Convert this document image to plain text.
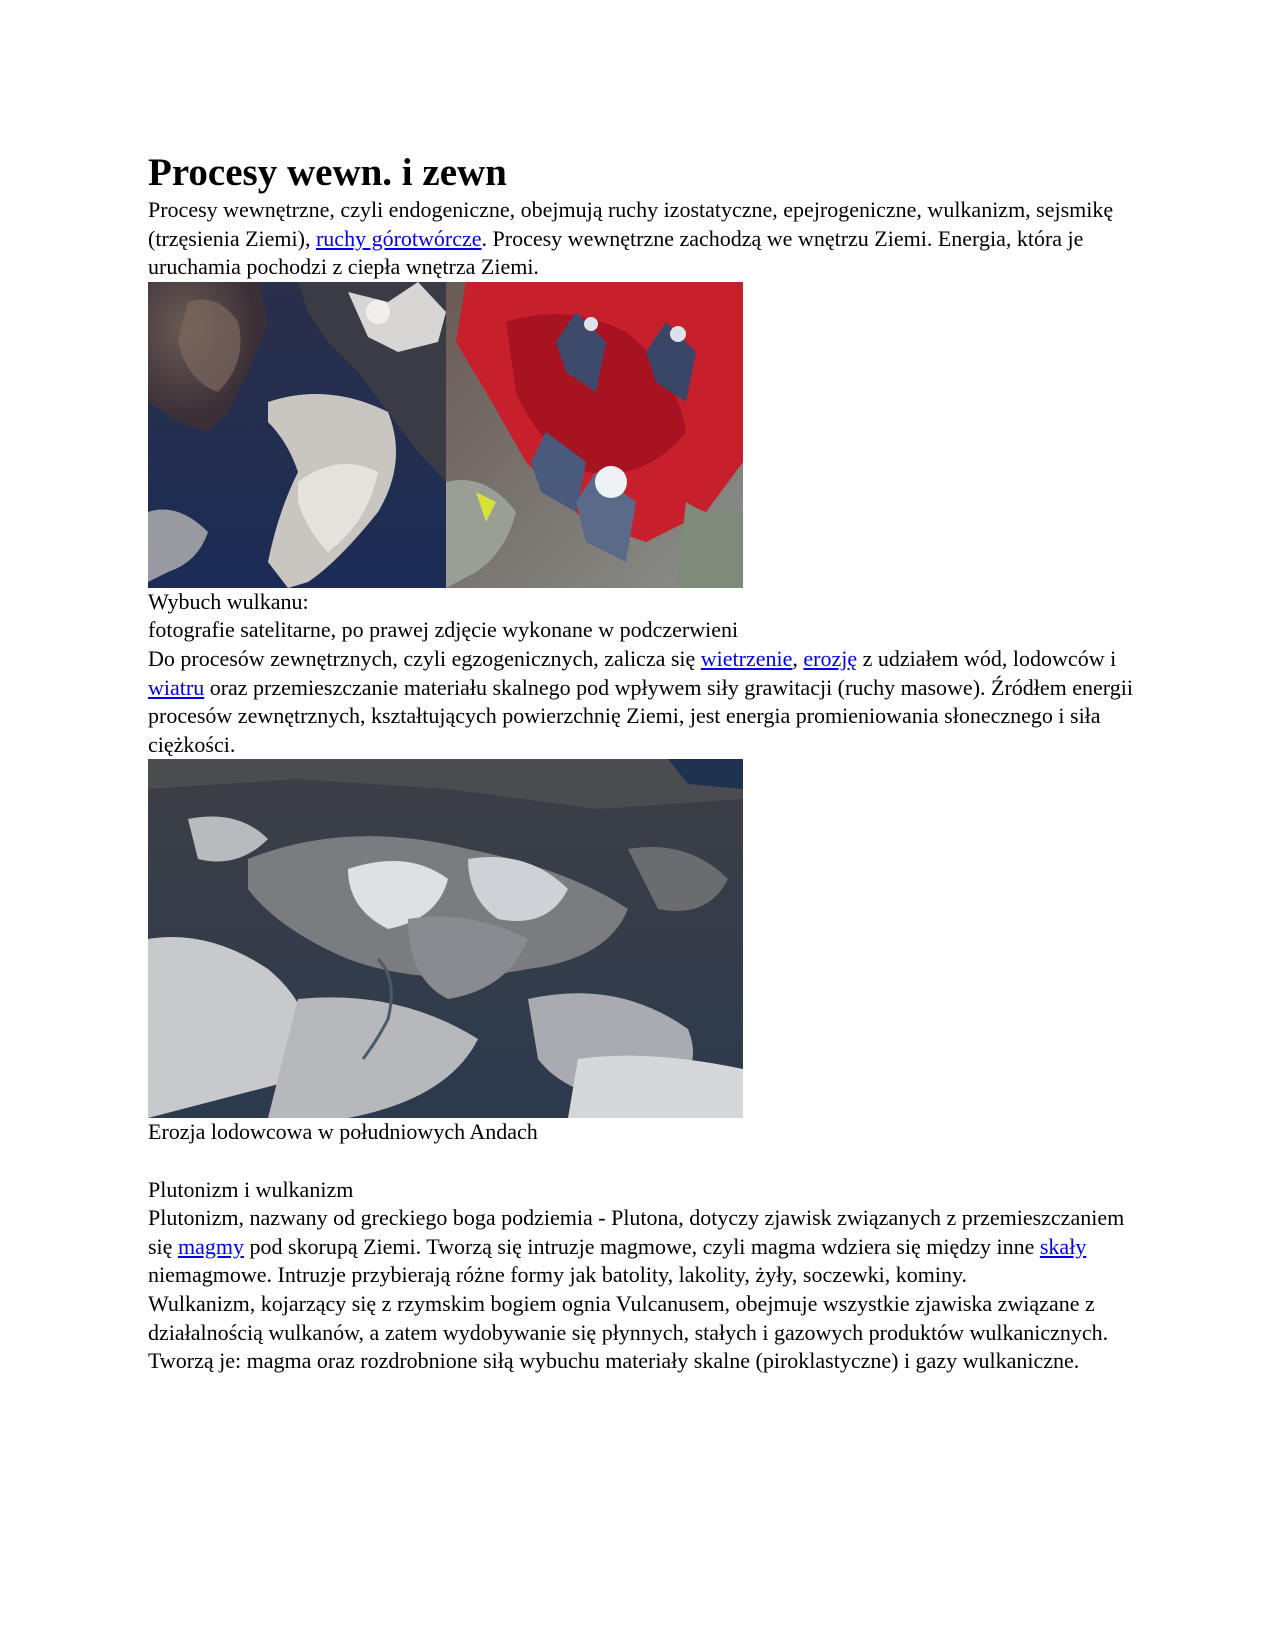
Procesy wewn. i zewn

Procesy wewnętrzne, czyli endogeniczne, obejmują ruchy izostatyczne, epejrogeniczne, wulkanizm, sejsmikę (trzęsienia Ziemi), ruchy górotwórcze. Procesy wewnętrzne zachodzą we wnętrzu Ziemi. Energia, która je uruchamia pochodzi z ciepła wnętrza Ziemi.

Wybuch wulkanu:

fotografie satelitarne, po prawej zdjęcie wykonane w podczerwieni

Do procesów zewnętrznych, czyli egzogenicznych, zalicza się wietrzenie, erozję z udziałem wód, lodowców i wiatru oraz przemieszczanie materiału skalnego pod wpływem siły grawitacji (ruchy masowe). Źródłem energii procesów zewnętrznych, kształtujących powierzchnię Ziemi, jest energia promieniowania słonecznego i siła ciężkości.

Erozja lodowcowa w południowych Andach

Plutonizm i wulkanizm

Plutonizm, nazwany od greckiego boga podziemia - Plutona, dotyczy zjawisk związanych z przemieszczaniem się magmy pod skorupą Ziemi. Tworzą się intruzje magmowe, czyli magma wdziera się między inne skały niemagmowe. Intruzje przybierają różne formy jak batolity, lakolity, żyły, soczewki, kominy.

Wulkanizm, kojarzący się z rzymskim bogiem ognia Vulcanusem, obejmuje wszystkie zjawiska związane z działalnością wulkanów, a zatem wydobywanie się płynnych, stałych i gazowych produktów wulkanicznych. Tworzą je: magma oraz rozdrobnione siłą wybuchu materiały skalne (piroklastyczne) i gazy wulkaniczne.
